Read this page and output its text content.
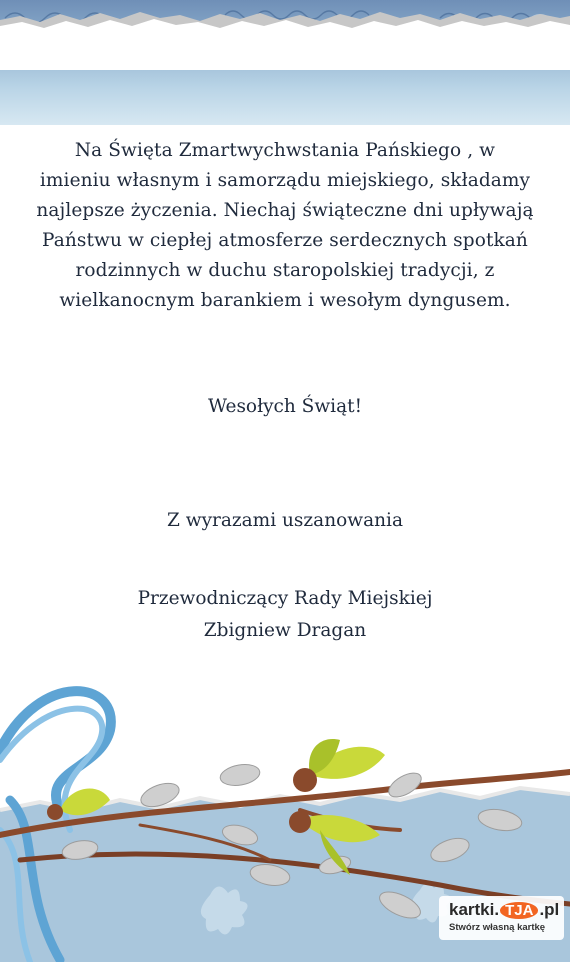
Na Święta Zmartwychwstania Pańskiego , w

imieniu własnym i samorządu miejskiego, składamy

najlepsze życzenia. Niechaj świąteczne dni upływają

Państwu w ciepłej atmosferze serdecznych spotkań

rodzinnych w duchu staropolskiej tradycji, z

wielkanocnym barankiem i wesołym dyngusem.

Wesołych Świąt!
Z wyrazami uszanowania
Przewodniczący Rady Miejskiej
Zbigniew Dragan
kartki. TJA .pl
Stwórz własną kartkę
